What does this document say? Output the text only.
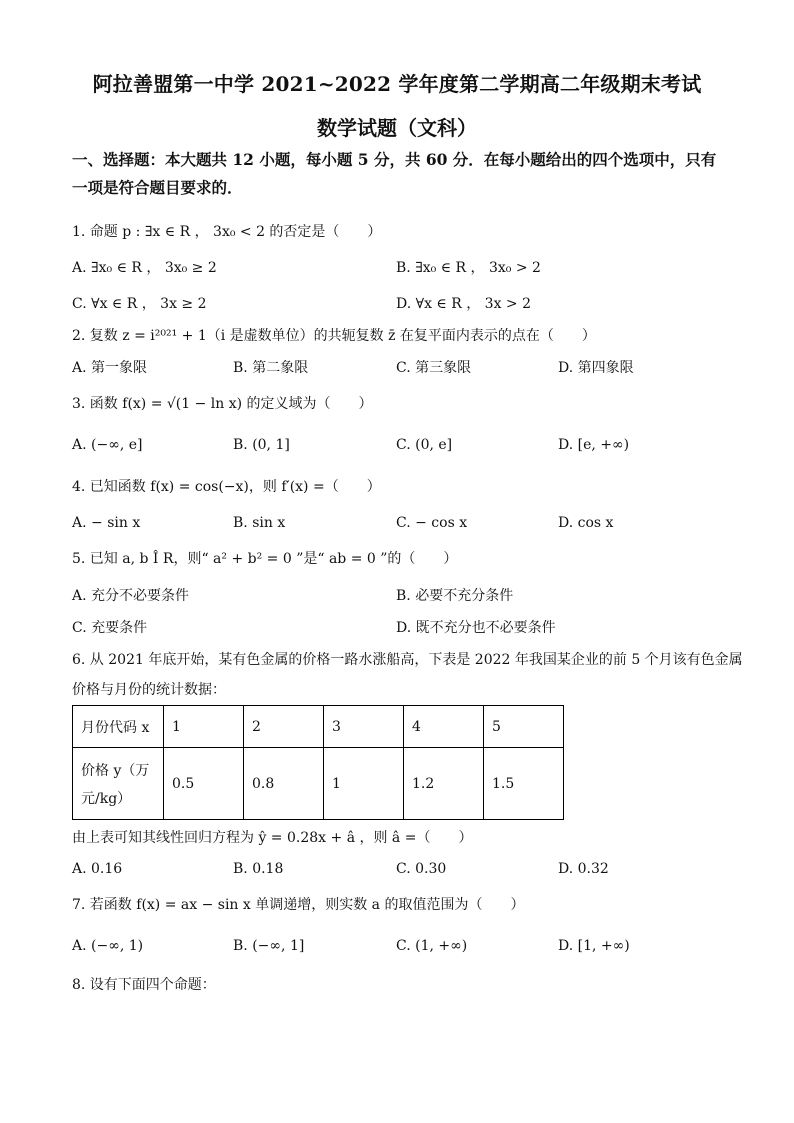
阿拉善盟第一中学 2021~2022 学年度第二学期高二年级期末考试
数学试题（文科）
一、选择题：本大题共 12 小题，每小题 5 分，共 60 分．在每小题给出的四个选项中，只有
一项是符合题目要求的．
1. 命题 p : ∃x ∈ R ， 3x₀ < 2 的否定是（　　）
A. ∃x₀ ∈ R ， 3x₀ ≥ 2	B. ∃x₀ ∈ R ， 3x₀ > 2
C. ∀x ∈ R ， 3x ≥ 2	D. ∀x ∈ R ， 3x > 2
2. 复数 z = i²⁰²¹ + 1（i 是虚数单位）的共轭复数 z̄ 在复平面内表示的点在（　　）
A. 第一象限	B. 第二象限	C. 第三象限	D. 第四象限
3. 函数 f(x) = √(1 − ln x) 的定义域为（　　）
A. (−∞, e]	B. (0, 1]	C. (0, e]	D. [e, +∞)
4. 已知函数 f(x) = cos(−x)，则 f′(x) =（　　）
A. − sin x	B. sin x	C. − cos x	D. cos x
5. 已知 a, b Î R，则“ a² + b² = 0 ”是“ ab = 0 ”的（　　）
A. 充分不必要条件	B. 必要不充分条件
C. 充要条件	D. 既不充分也不必要条件
6. 从 2021 年底开始，某有色金属的价格一路水涨船高，下表是 2022 年我国某企业的前 5 个月该有色金属
价格与月份的统计数据：
月份代码 x	1	2	3	4	5

价格 y（万
元/kg）	0.5	0.8	1	1.2	1.5
由上表可知其线性回归方程为 ŷ = 0.28x + â ，则 â =（　　）
A. 0.16	B. 0.18	C. 0.30	D. 0.32
7. 若函数 f(x) = ax − sin x 单调递增，则实数 a 的取值范围为（　　）
A. (−∞, 1)	B. (−∞, 1]	C. (1, +∞)	D. [1, +∞)
8. 设有下面四个命题：
